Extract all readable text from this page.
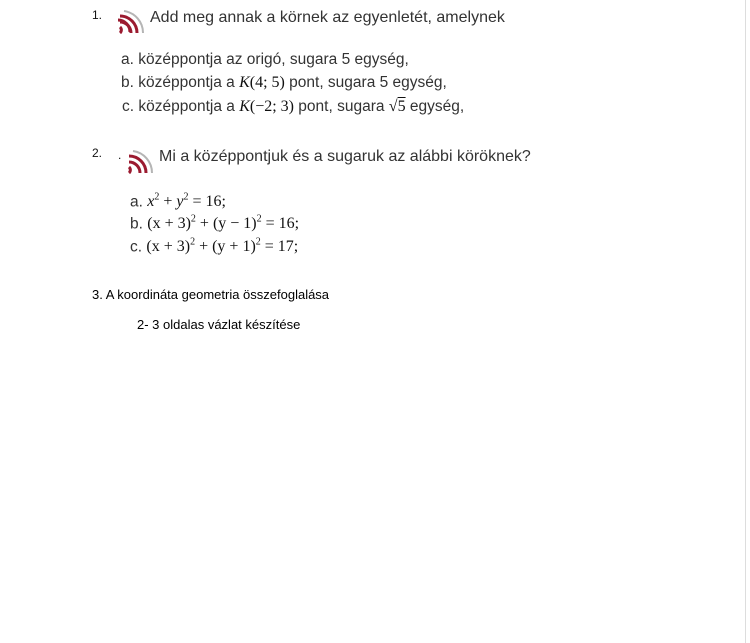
1.	Add meg annak a körnek az egyenletét, amelynek
a. középpontja az origó, sugara 5 egység,
b. középpontja a K(4; 5) pont, sugara 5 egység,
c. középpontja a K(−2; 3) pont, sugara √5 egység,
2. . Mi a középpontjuk és a sugaruk az alábbi köröknek?
a. $x^2 + y^2 = 16$;
b. $(x + 3)^2 + (y - 1)^2 = 16$;
c. $(x + 3)^2 + (y + 1)^2 = 17$;
3. A koordináta geometria összefoglalása
2- 3 oldalas vázlat készítése
